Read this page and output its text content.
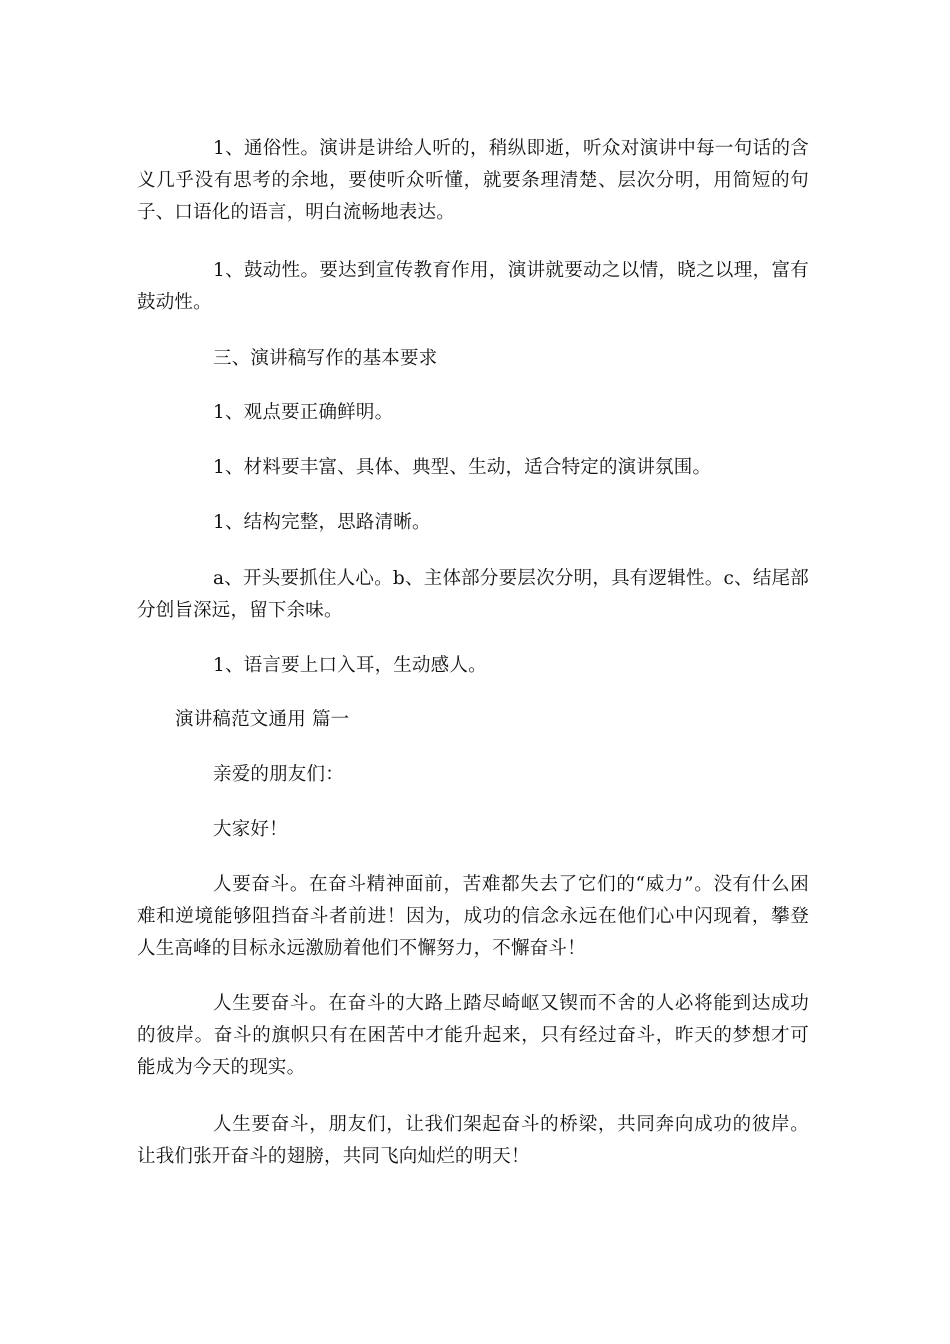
1、通俗性。演讲是讲给人听的，稍纵即逝，听众对演讲中每一句话的含义几乎没有思考的余地，要使听众听懂，就要条理清楚、层次分明，用简短的句子、口语化的语言，明白流畅地表达。

1、鼓动性。要达到宣传教育作用，演讲就要动之以情，晓之以理，富有鼓动性。

三、演讲稿写作的基本要求

1、观点要正确鲜明。

1、材料要丰富、具体、典型、生动，适合特定的演讲氛围。

1、结构完整，思路清晰。

a、开头要抓住人心。b、主体部分要层次分明，具有逻辑性。c、结尾部分创旨深远，留下余味。

1、语言要上口入耳，生动感人。

演讲稿范文通用 篇一

亲爱的朋友们：

大家好！

人要奋斗。在奋斗精神面前，苦难都失去了它们的“威力”。没有什么困难和逆境能够阻挡奋斗者前进！因为，成功的信念永远在他们心中闪现着，攀登人生高峰的目标永远激励着他们不懈努力，不懈奋斗！

人生要奋斗。在奋斗的大路上踏尽崎岖又锲而不舍的人必将能到达成功的彼岸。奋斗的旗帜只有在困苦中才能升起来，只有经过奋斗，昨天的梦想才可能成为今天的现实。

人生要奋斗，朋友们，让我们架起奋斗的桥梁，共同奔向成功的彼岸。让我们张开奋斗的翅膀，共同飞向灿烂的明天！
